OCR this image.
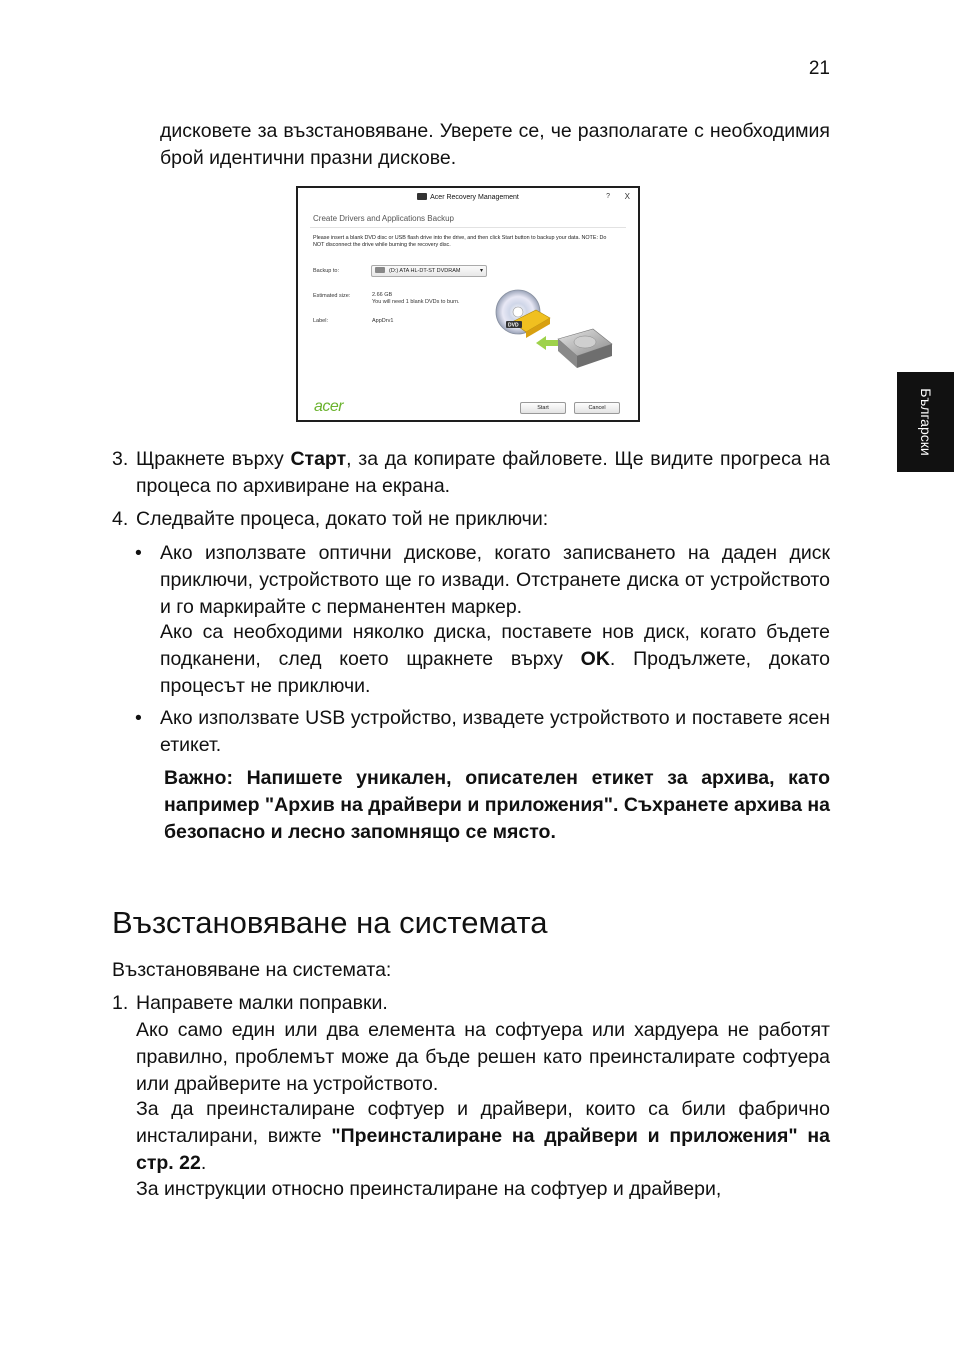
21
Български
дисковете за възстановяване. Уверете се, че разполагате с необходимия брой идентични празни дискове.
Acer Recovery Management	? X
Create Drivers and Applications Backup
Please insert a blank DVD disc or USB flash drive into the drive, and then click Start button to backup your data. NOTE: Do NOT disconnect the drive while burning the recovery disc.
Backup to:	(D:) ATA HL-DT-ST DVDRAM	▾
Estimated size:	2.66 GB
You will need 1 blank DVDs to burn.
Label:	AppDrv1
DVD
acer	Start	Cancel
3. Щракнете върху Старт, за да копирате файловете. Ще видите прогреса на процеса по архивиране на екрана.
4. Следвайте процеса, докато той не приключи:
• Ако използвате оптични дискове, когато записването на даден диск приключи, устройството ще го извади. Отстранете диска от устройството и го маркирайте с перманентен маркер.
Ако са необходими няколко диска, поставете нов диск, когато бъдете подканени, след което щракнете върху OK. Продължете, докато процесът не приключи.
• Ако използвате USB устройство, извадете устройството и поставете ясен етикет.
Важно: Напишете уникален, описателен етикет за архива, като например "Архив на драйвери и приложения". Съхранете архива на безопасно и лесно запомнящо се място.
Възстановяване на системата
Възстановяване на системата:
1. Направете малки поправки.
Ако само един или два елемента на софтуера или хардуера не работят правилно, проблемът може да бъде решен като преинсталирате софтуера или драйверите на устройството.
За да преинсталиране софтуер и драйвери, които са били фабрично инсталирани, вижте "Преинсталиране на драйвери и приложения" на стр. 22.
За инструкции относно преинсталиране на софтуер и драйвери,
